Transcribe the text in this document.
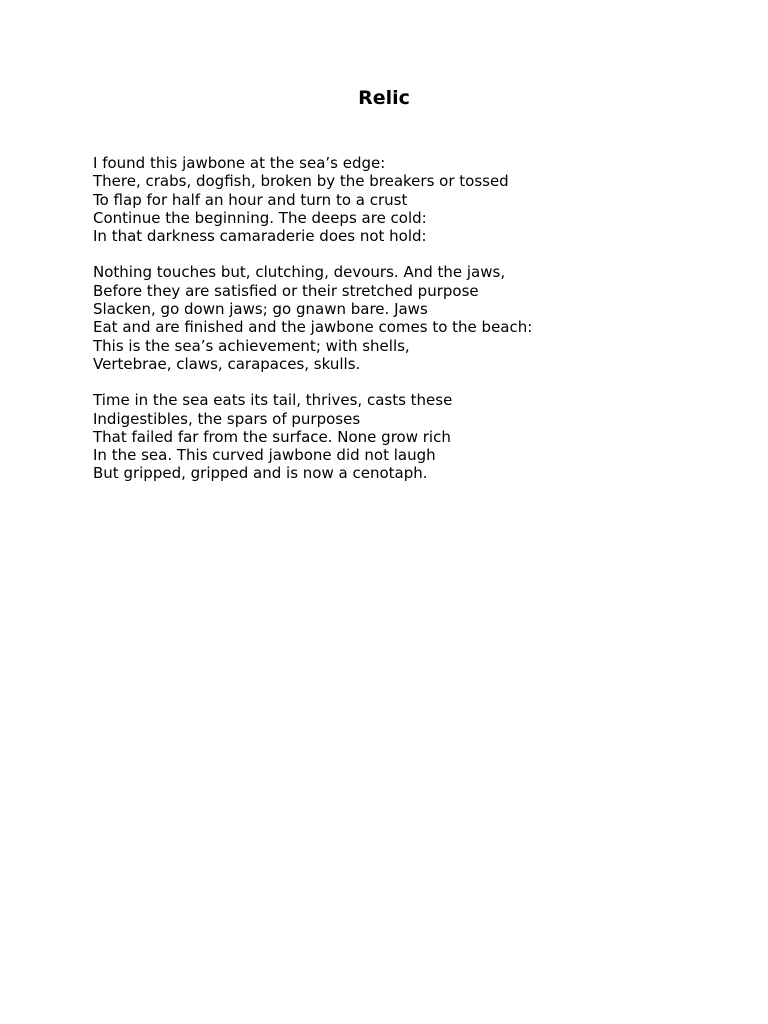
Relic
I found this jawbone at the sea’s edge:
There, crabs, dogfish, broken by the breakers or tossed
To flap for half an hour and turn to a crust
Continue the beginning. The deeps are cold:
In that darkness camaraderie does not hold:
Nothing touches but, clutching, devours. And the jaws,
Before they are satisfied or their stretched purpose
Slacken, go down jaws; go gnawn bare. Jaws
Eat and are finished and the jawbone comes to the beach:
This is the sea’s achievement; with shells,
Vertebrae, claws, carapaces, skulls.
Time in the sea eats its tail, thrives, casts these
Indigestibles, the spars of purposes
That failed far from the surface. None grow rich
In the sea. This curved jawbone did not laugh
But gripped, gripped and is now a cenotaph.
